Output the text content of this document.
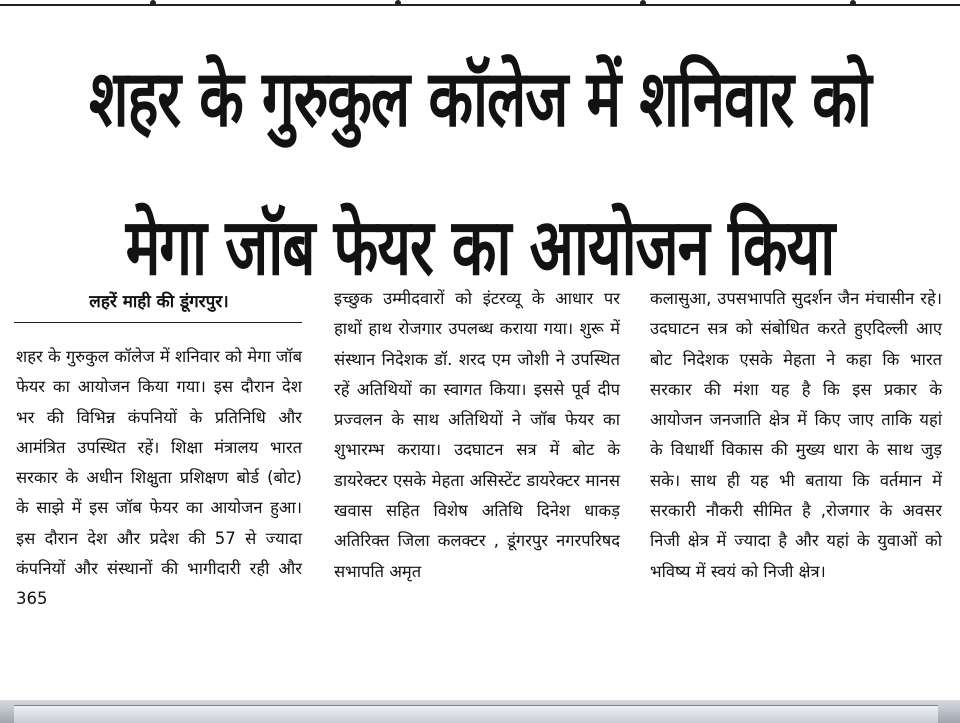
शहर के गुरुकुल कॉलेज में शनिवार को
मेगा जॉब फेयर का आयोजन किया
लहरें माही की डूंगरपुर।

शहर के गुरुकुल कॉलेज में शनिवार को मेगा जॉब फेयर का आयोजन किया गया। इस दौरान देश भर की विभिन्न कंपनियों के प्रतिनिधि और आमंत्रित उपस्थित रहें। शिक्षा मंत्रालय भारत सरकार के अधीन शिक्षुता प्रशिक्षण बोर्ड (बोट) के साझे में इस जॉब फेयर का आयोजन हुआ। इस दौरान देश और प्रदेश की 57 से ज्यादा कंपनियों और संस्थानों की भागीदारी रही और 365

इच्छुक उम्मीदवारों को इंटरव्यू के आधार पर हाथों हाथ रोजगार उपलब्ध कराया गया। शुरू में संस्थान निदेशक डॉ. शरद एम जोशी ने उपस्थित रहें अतिथियों का स्वागत किया। इससे पूर्व दीप प्रज्वलन के साथ अतिथियों ने जॉब फेयर का शुभारम्भ कराया। उदघाटन सत्र में बोट के डायरेक्टर एसके मेहता असिस्टेंट डायरेक्टर मानस खवास सहित विशेष अतिथि दिनेश धाकड़ अतिरिक्त जिला कलक्टर , डूंगरपुर नगरपरिषद सभापति अमृत

कलासुआ, उपसभापति सुदर्शन जैन मंचासीन रहे। उदघाटन सत्र को संबोधित करते हुएदिल्ली आए बोट निदेशक एसके मेहता ने कहा कि भारत सरकार की मंशा यह है कि इस प्रकार के आयोजन जनजाति क्षेत्र में किए जाए ताकि यहां के विधार्थी विकास की मुख्य धारा के साथ जुड़ सके। साथ ही यह भी बताया कि वर्तमान में सरकारी नौकरी सीमित है ,रोजगार के अवसर निजी क्षेत्र में ज्यादा है और यहां के युवाओं को भविष्य में स्वयं को निजी क्षेत्र।
